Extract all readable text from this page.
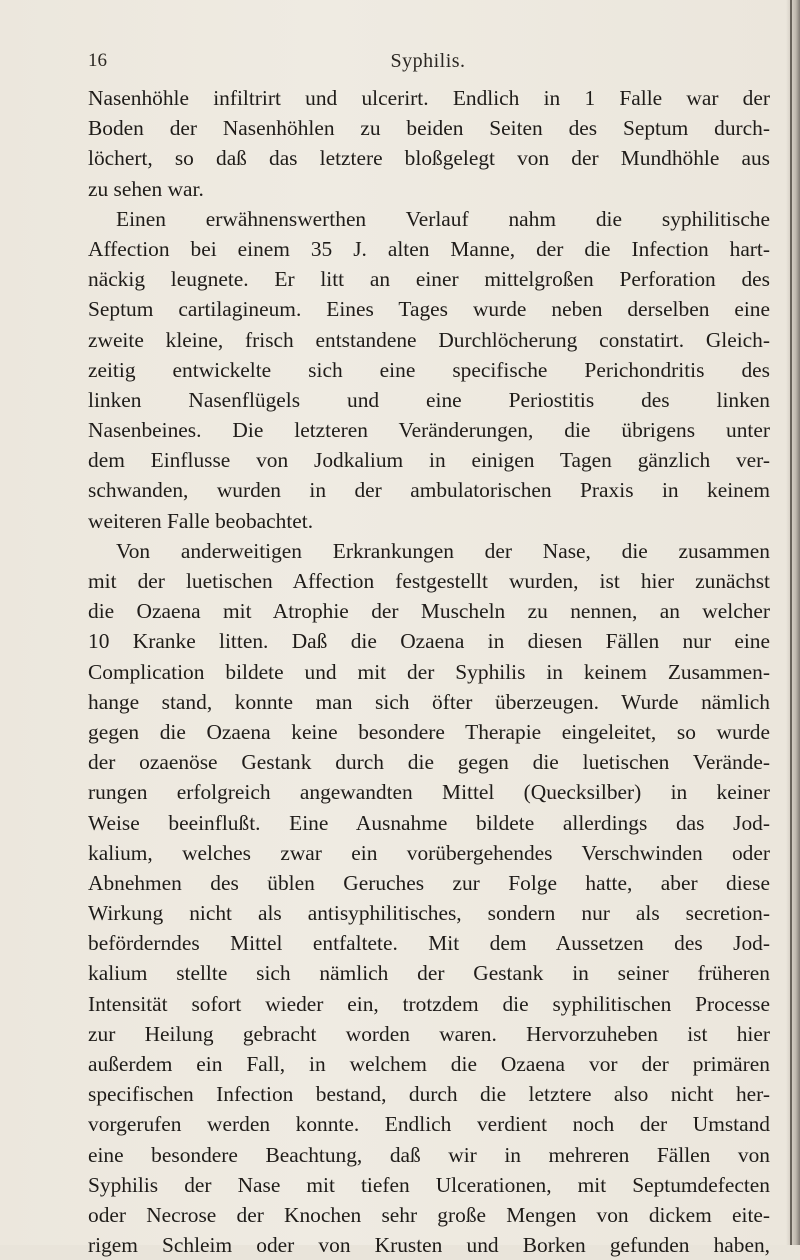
16	Syphilis.
Nasenhöhle infiltrirt und ulcerirt. Endlich in 1 Falle war der
Boden der Nasenhöhlen zu beiden Seiten des Septum durch-
löchert, so daß das letztere bloßgelegt von der Mundhöhle aus
zu sehen war.
Einen erwähnenswerthen Verlauf nahm die syphilitische
Affection bei einem 35 J. alten Manne, der die Infection hart-
näckig leugnete. Er litt an einer mittelgroßen Perforation des
Septum cartilagineum. Eines Tages wurde neben derselben eine
zweite kleine, frisch entstandene Durchlöcherung constatirt. Gleich-
zeitig entwickelte sich eine specifische Perichondritis des
linken Nasenflügels und eine Periostitis des linken
Nasenbeines. Die letzteren Veränderungen, die übrigens unter
dem Einflusse von Jodkalium in einigen Tagen gänzlich ver-
schwanden, wurden in der ambulatorischen Praxis in keinem
weiteren Falle beobachtet.
Von anderweitigen Erkrankungen der Nase, die zusammen
mit der luetischen Affection festgestellt wurden, ist hier zunächst
die Ozaena mit Atrophie der Muscheln zu nennen, an welcher
10 Kranke litten. Daß die Ozaena in diesen Fällen nur eine
Complication bildete und mit der Syphilis in keinem Zusammen-
hange stand, konnte man sich öfter überzeugen. Wurde nämlich
gegen die Ozaena keine besondere Therapie eingeleitet, so wurde
der ozaenöse Gestank durch die gegen die luetischen Verände-
rungen erfolgreich angewandten Mittel (Quecksilber) in keiner
Weise beeinflußt. Eine Ausnahme bildete allerdings das Jod-
kalium, welches zwar ein vorübergehendes Verschwinden oder
Abnehmen des üblen Geruches zur Folge hatte, aber diese
Wirkung nicht als antisyphilitisches, sondern nur als secretion-
beförderndes Mittel entfaltete. Mit dem Aussetzen des Jod-
kalium stellte sich nämlich der Gestank in seiner früheren
Intensität sofort wieder ein, trotzdem die syphilitischen Processe
zur Heilung gebracht worden waren. Hervorzuheben ist hier
außerdem ein Fall, in welchem die Ozaena vor der primären
specifischen Infection bestand, durch die letztere also nicht her-
vorgerufen werden konnte. Endlich verdient noch der Umstand
eine besondere Beachtung, daß wir in mehreren Fällen von
Syphilis der Nase mit tiefen Ulcerationen, mit Septumdefecten
oder Necrose der Knochen sehr große Mengen von dickem eite-
rigem Schleim oder von Krusten und Borken gefunden haben,
